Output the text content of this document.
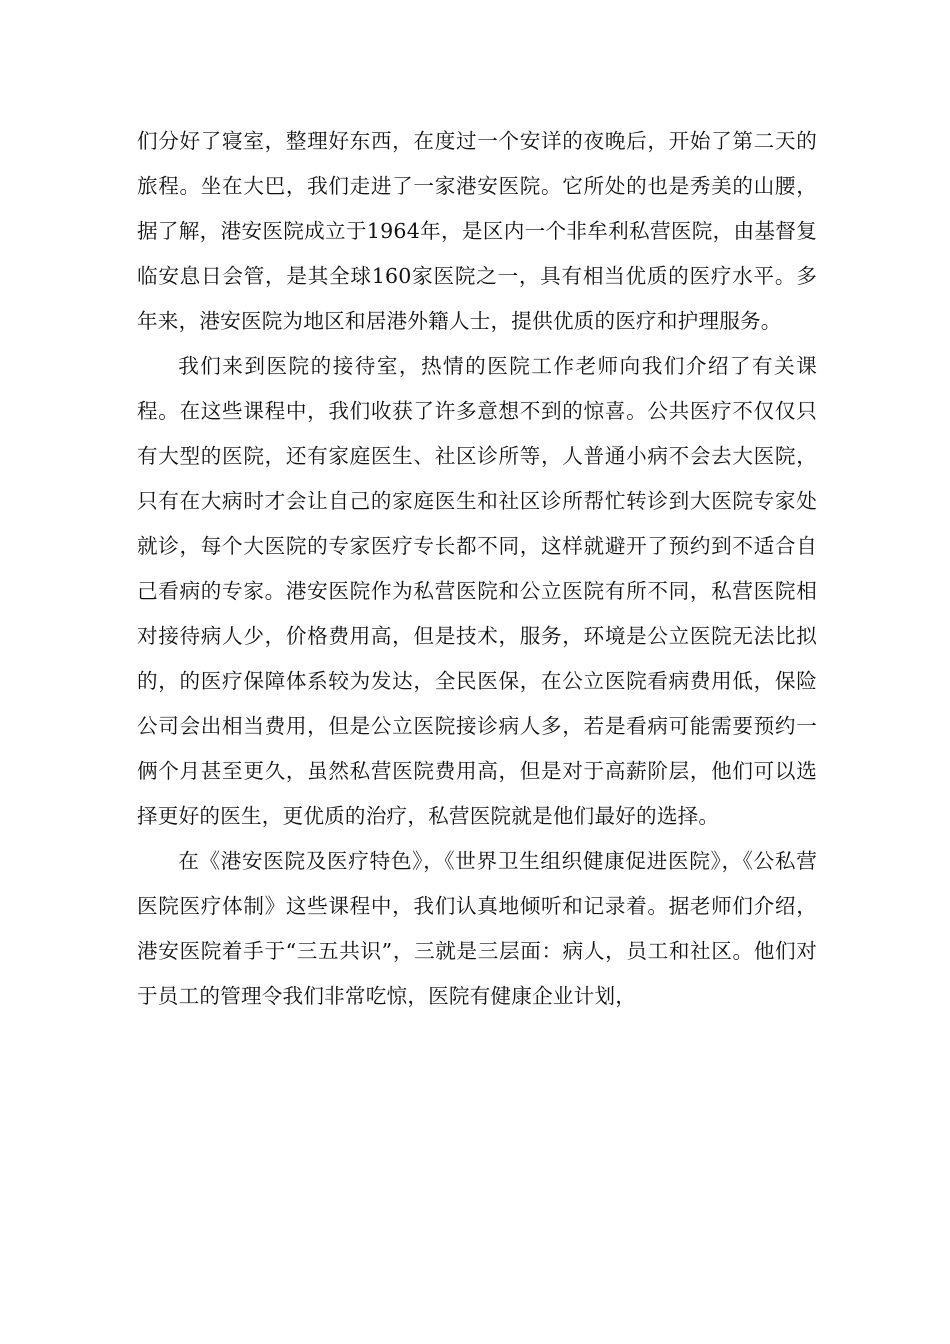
们分好了寝室，整理好东西，在度过一个安详的夜晚后，开始了第二天的旅程。坐在大巴，我们走进了一家港安医院。它所处的也是秀美的山腰，据了解，港安医院成立于1964年，是区内一个非牟利私营医院，由基督复临安息日会管，是其全球160家医院之一，具有相当优质的医疗水平。多年来，港安医院为地区和居港外籍人士，提供优质的医疗和护理服务。

我们来到医院的接待室，热情的医院工作老师向我们介绍了有关课程。在这些课程中，我们收获了许多意想不到的惊喜。公共医疗不仅仅只有大型的医院，还有家庭医生、社区诊所等，人普通小病不会去大医院，只有在大病时才会让自己的家庭医生和社区诊所帮忙转诊到大医院专家处就诊，每个大医院的专家医疗专长都不同，这样就避开了预约到不适合自己看病的专家。港安医院作为私营医院和公立医院有所不同，私营医院相对接待病人少，价格费用高，但是技术，服务，环境是公立医院无法比拟的，的医疗保障体系较为发达，全民医保，在公立医院看病费用低，保险公司会出相当费用，但是公立医院接诊病人多，若是看病可能需要预约一俩个月甚至更久，虽然私营医院费用高，但是对于高薪阶层，他们可以选择更好的医生，更优质的治疗，私营医院就是他们最好的选择。

在《港安医院及医疗特色》，《世界卫生组织健康促进医院》，《公私营医院医疗体制》这些课程中，我们认真地倾听和记录着。据老师们介绍，港安医院着手于“三五共识”，三就是三层面：病人，员工和社区。他们对于员工的管理令我们非常吃惊，医院有健康企业计划，
